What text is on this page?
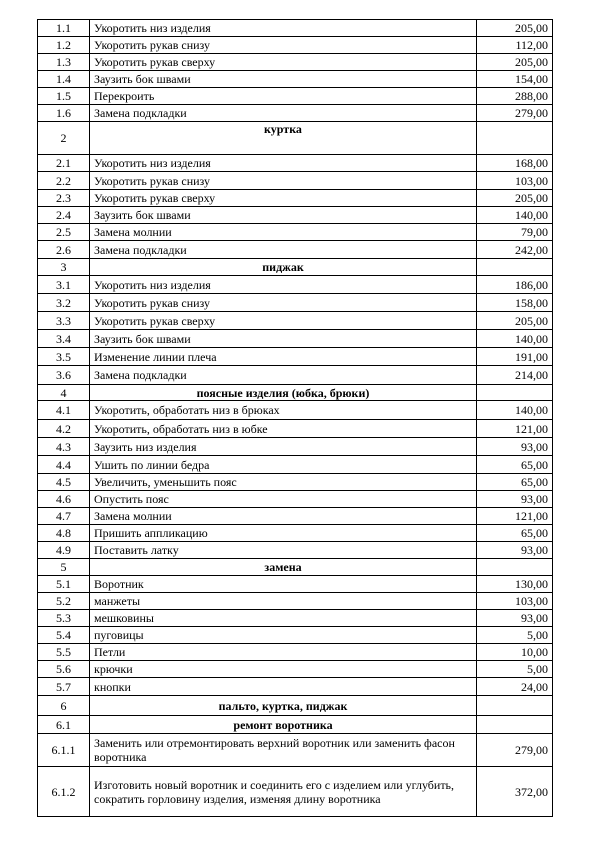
1.1	Укоротить низ изделия	205,00
1.2	Укоротить рукав снизу	112,00
1.3	Укоротить рукав сверху	205,00
1.4	Заузить бок швами	154,00
1.5	Перекроить	288,00
1.6	Замена подкладки	279,00
2	куртка	
2.1	Укоротить низ изделия	168,00
2.2	Укоротить рукав снизу	103,00
2.3	Укоротить рукав сверху	205,00
2.4	Заузить бок швами	140,00
2.5	Замена молнии	79,00
2.6	Замена подкладки	242,00
3	пиджак	
3.1	Укоротить низ изделия	186,00
3.2	Укоротить рукав снизу	158,00
3.3	Укоротить рукав сверху	205,00
3.4	Заузить бок швами	140,00
3.5	Изменение линии плеча	191,00
3.6	Замена подкладки	214,00
4	поясные изделия (юбка, брюки)	
4.1	Укоротить, обработать низ в брюках	140,00
4.2	Укоротить, обработать низ в юбке	121,00
4.3	Заузить низ изделия	93,00
4.4	Ушить по линии бедра	65,00
4.5	Увеличить, уменьшить пояс	65,00
4.6	Опустить пояс	93,00
4.7	Замена молнии	121,00
4.8	Пришить аппликацию	65,00
4.9	Поставить латку	93,00
5	замена	
5.1	Воротник	130,00
5.2	манжеты	103,00
5.3	мешковины	93,00
5.4	пуговицы	5,00
5.5	Петли	10,00
5.6	крючки	5,00
5.7	кнопки	24,00
6	пальто, куртка, пиджак	
6.1	ремонт воротника	
6.1.1	Заменить или отремонтировать верхний воротник или заменить фасон воротника	279,00
6.1.2	Изготовить новый воротник и соединить его с изделием или углубить, сократить горловину изделия, изменяя длину воротника	372,00
